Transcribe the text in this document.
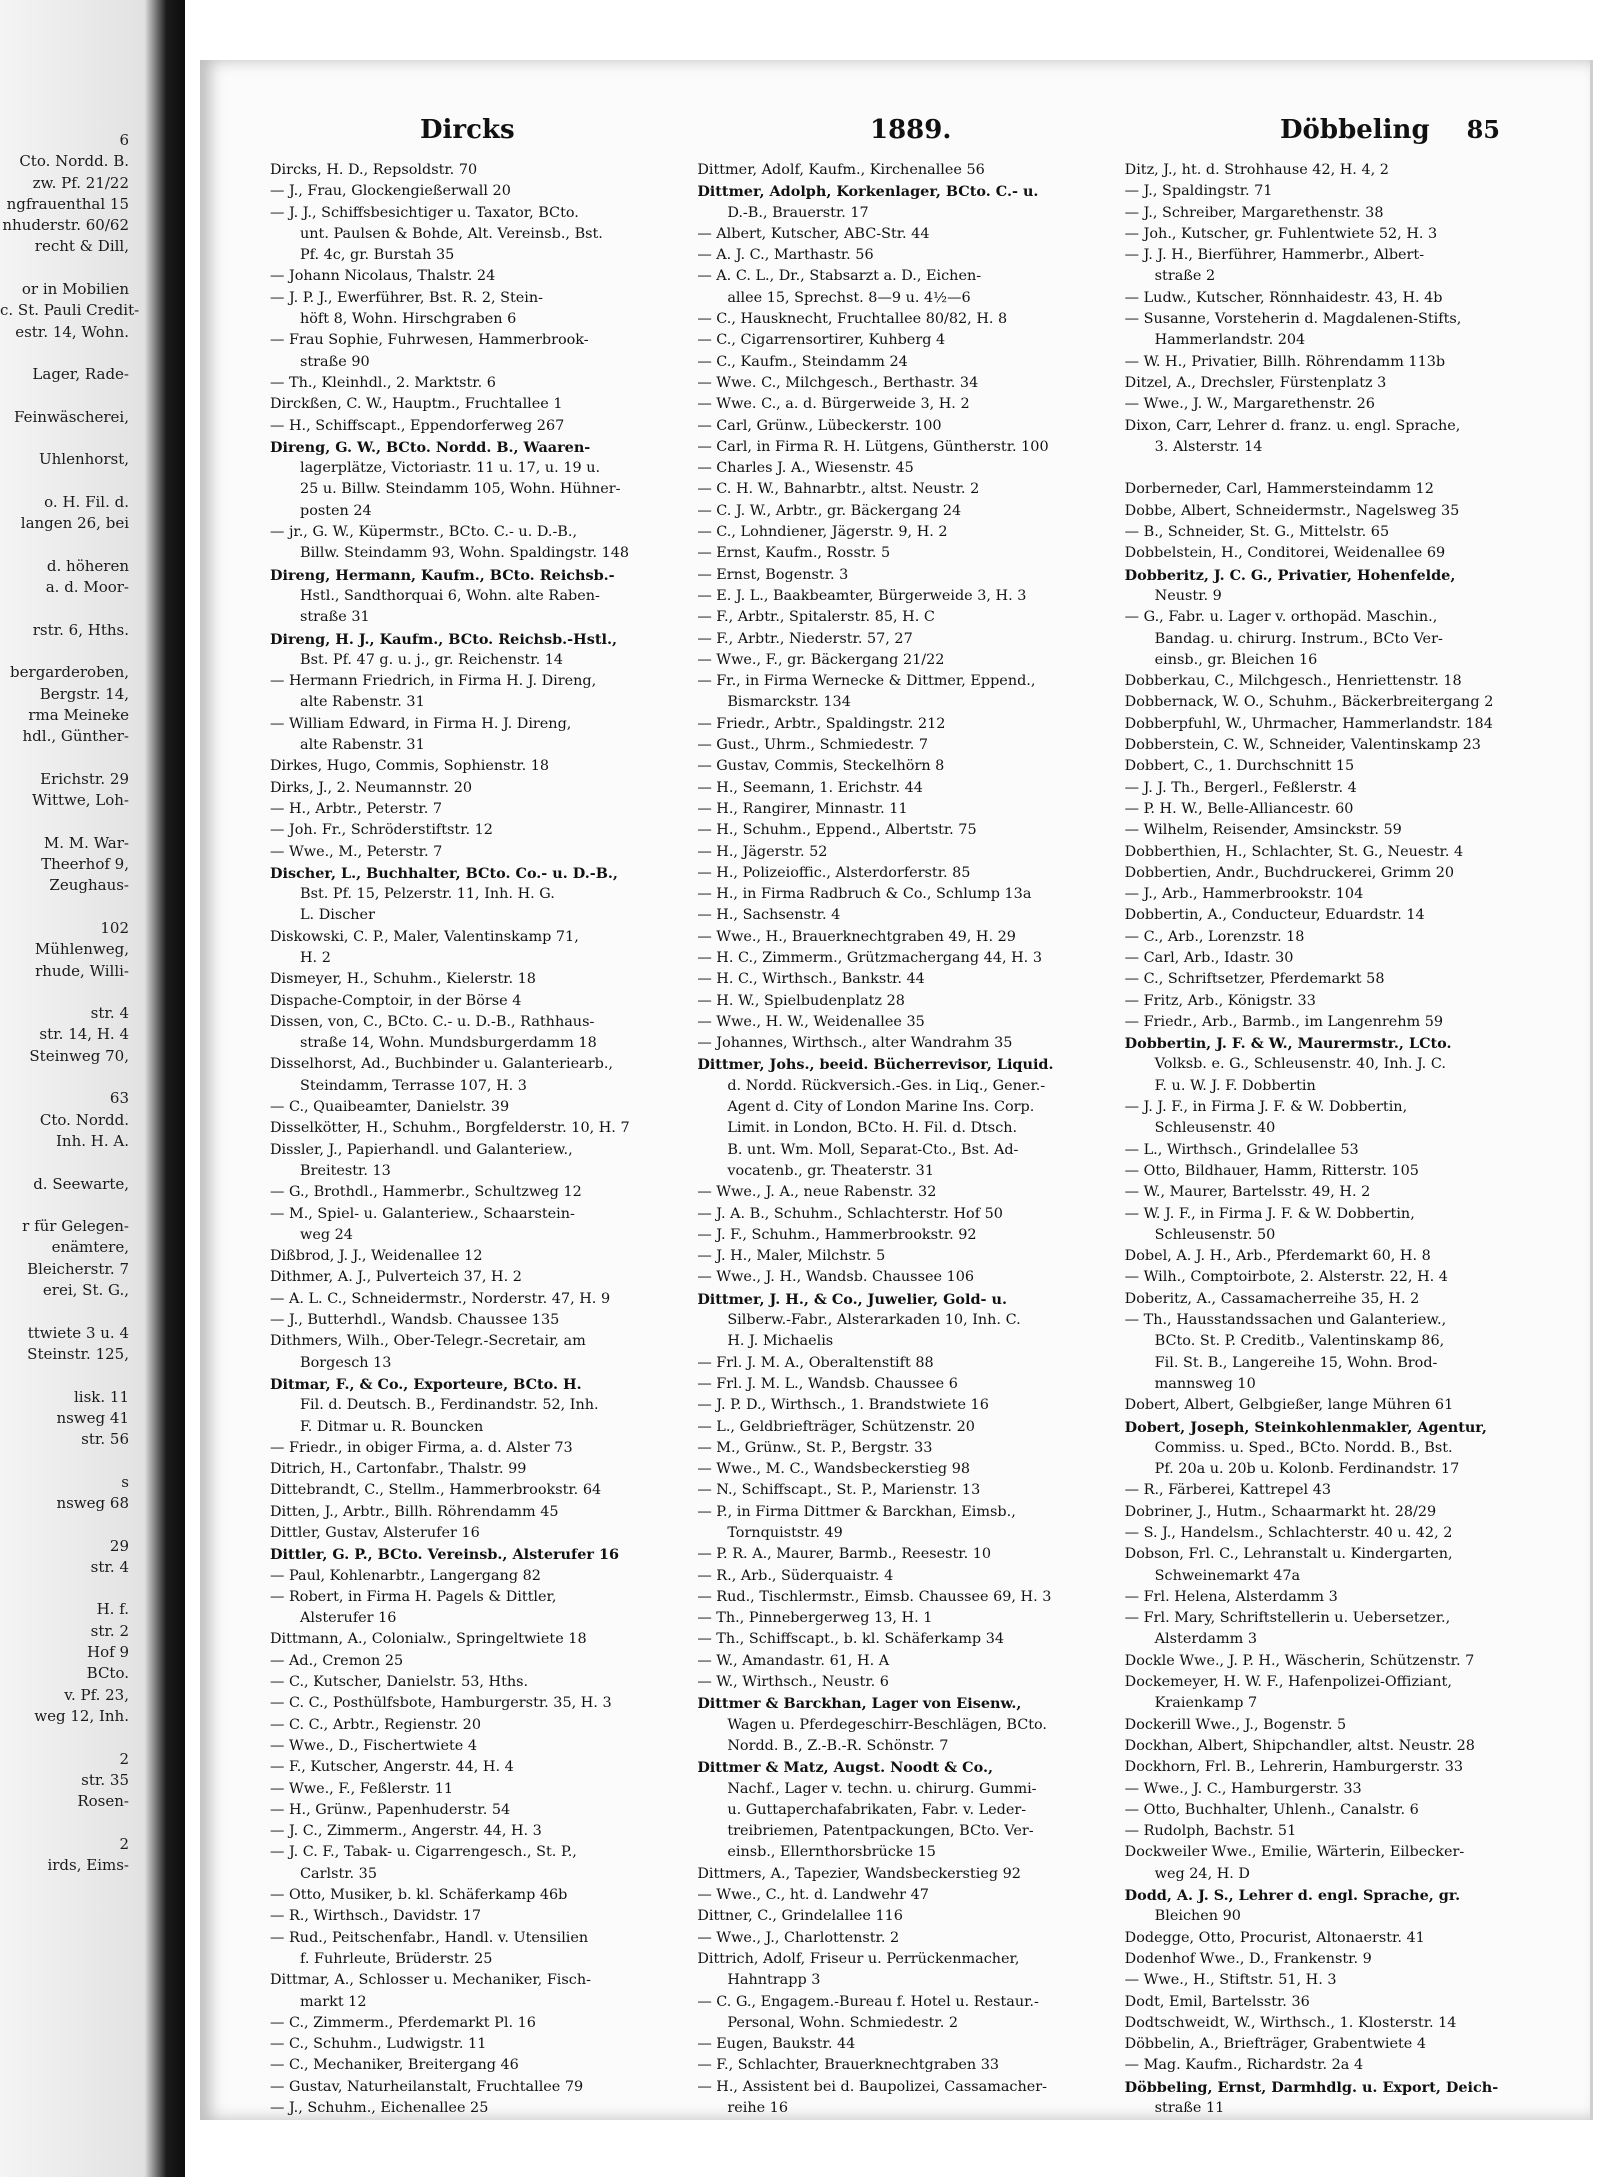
6
Cto. Nordd. B.
zw. Pf. 21/22
ngfrauenthal 15
nhuderstr. 60/62
recht & Dill,

or in Mobilien
c. St. Pauli Credit-
estr. 14, Wohn.

Lager, Rade-

Feinwäscherei,

Uhlenhorst,

o. H. Fil. d.
langen 26, bei

d. höheren
a. d. Moor-

rstr. 6, Hths.

bergarderoben,
Bergstr. 14,
rma Meineke
hdl., Günther-

Erichstr. 29
Wittwe, Loh-

M. M. War-
Theerhof 9,
Zeughaus-

102
Mühlenweg,
rhude, Willi-

str. 4
str. 14, H. 4
Steinweg 70,

63
Cto. Nordd.
Inh. H. A.

d. Seewarte,

r für Gelegen-
enämtere,
Bleicherstr. 7
erei, St. G.,

ttwiete 3 u. 4
Steinstr. 125,

lisk. 11
nsweg 41
str. 56

s
nsweg 68

29
str. 4

H. f.
str. 2
Hof 9
BCto.
v. Pf. 23,
weg 12, Inh.

2
str. 35
Rosen-

2
irds, Eims-
Dircks	1889.	Döbbeling 85
Dircks, H. D., Repsoldstr. 70
— J., Frau, Glockengießerwall 20
— J. J., Schiffsbesichtiger u. Taxator, BCto.
unt. Paulsen & Bohde, Alt. Vereinsb., Bst.
Pf. 4c, gr. Burstah 35
— Johann Nicolaus, Thalstr. 24
— J. P. J., Ewerführer, Bst. R. 2, Stein-
höft 8, Wohn. Hirschgraben 6
— Frau Sophie, Fuhrwesen, Hammerbrook-
straße 90
— Th., Kleinhdl., 2. Marktstr. 6
Dirckßen, C. W., Hauptm., Fruchtallee 1
— H., Schiffscapt., Eppendorferweg 267
Direng, G. W., BCto. Nordd. B., Waaren-
lagerplätze, Victoriastr. 11 u. 17, u. 19 u.
25 u. Billw. Steindamm 105, Wohn. Hühner-
posten 24
— jr., G. W., Küpermstr., BCto. C.- u. D.-B.,
Billw. Steindamm 93, Wohn. Spaldingstr. 148
Direng, Hermann, Kaufm., BCto. Reichsb.-
Hstl., Sandthorquai 6, Wohn. alte Raben-
straße 31
Direng, H. J., Kaufm., BCto. Reichsb.-Hstl.,
Bst. Pf. 47 g. u. j., gr. Reichenstr. 14
— Hermann Friedrich, in Firma H. J. Direng,
alte Rabenstr. 31
— William Edward, in Firma H. J. Direng,
alte Rabenstr. 31
Dirkes, Hugo, Commis, Sophienstr. 18
Dirks, J., 2. Neumannstr. 20
— H., Arbtr., Peterstr. 7
— Joh. Fr., Schröderstiftstr. 12
— Wwe., M., Peterstr. 7
Discher, L., Buchhalter, BCto. Co.- u. D.-B.,
Bst. Pf. 15, Pelzerstr. 11, Inh. H. G.
L. Discher
Diskowski, C. P., Maler, Valentinskamp 71,
H. 2
Dismeyer, H., Schuhm., Kielerstr. 18
Dispache-Comptoir, in der Börse 4
Dissen, von, C., BCto. C.- u. D.-B., Rathhaus-
straße 14, Wohn. Mundsburgerdamm 18
Disselhorst, Ad., Buchbinder u. Galanteriearb.,
Steindamm, Terrasse 107, H. 3
— C., Quaibeamter, Danielstr. 39
Disselkötter, H., Schuhm., Borgfelderstr. 10, H. 7
Dissler, J., Papierhandl. und Galanteriew.,
Breitestr. 13
— G., Brothdl., Hammerbr., Schultzweg 12
— M., Spiel- u. Galanteriew., Schaarstein-
weg 24
Dißbrod, J. J., Weidenallee 12
Dithmer, A. J., Pulverteich 37, H. 2
— A. L. C., Schneidermstr., Norderstr. 47, H. 9
— J., Butterhdl., Wandsb. Chaussee 135
Dithmers, Wilh., Ober-Telegr.-Secretair, am
Borgesch 13
Ditmar, F., & Co., Exporteure, BCto. H.
Fil. d. Deutsch. B., Ferdinandstr. 52, Inh.
F. Ditmar u. R. Bouncken
— Friedr., in obiger Firma, a. d. Alster 73
Ditrich, H., Cartonfabr., Thalstr. 99
Dittebrandt, C., Stellm., Hammerbrookstr. 64
Ditten, J., Arbtr., Billh. Röhrendamm 45
Dittler, Gustav, Alsterufer 16
Dittler, G. P., BCto. Vereinsb., Alsterufer 16
— Paul, Kohlenarbtr., Langergang 82
— Robert, in Firma H. Pagels & Dittler,
Alsterufer 16
Dittmann, A., Colonialw., Springeltwiete 18
— Ad., Cremon 25
— C., Kutscher, Danielstr. 53, Hths.
— C. C., Posthülfsbote, Hamburgerstr. 35, H. 3
— C. C., Arbtr., Regienstr. 20
— Wwe., D., Fischertwiete 4
— F., Kutscher, Angerstr. 44, H. 4
— Wwe., F., Feßlerstr. 11
— H., Grünw., Papenhuderstr. 54
— J. C., Zimmerm., Angerstr. 44, H. 3
— J. C. F., Tabak- u. Cigarrengesch., St. P.,
Carlstr. 35
— Otto, Musiker, b. kl. Schäferkamp 46b
— R., Wirthsch., Davidstr. 17
— Rud., Peitschenfabr., Handl. v. Utensilien
f. Fuhrleute, Brüderstr. 25
Dittmar, A., Schlosser u. Mechaniker, Fisch-
markt 12
— C., Zimmerm., Pferdemarkt Pl. 16
— C., Schuhm., Ludwigstr. 11
— C., Mechaniker, Breitergang 46
— Gustav, Naturheilanstalt, Fruchtallee 79
— J., Schuhm., Eichenallee 25
Dittmer, Adolf, Kaufm., Kirchenallee 56
Dittmer, Adolph, Korkenlager, BCto. C.- u.
D.-B., Brauerstr. 17
— Albert, Kutscher, ABC-Str. 44
— A. J. C., Marthastr. 56
— A. C. L., Dr., Stabsarzt a. D., Eichen-
allee 15, Sprechst. 8—9 u. 4½—6
— C., Hausknecht, Fruchtallee 80/82, H. 8
— C., Cigarrensortirer, Kuhberg 4
— C., Kaufm., Steindamm 24
— Wwe. C., Milchgesch., Berthastr. 34
— Wwe. C., a. d. Bürgerweide 3, H. 2
— Carl, Grünw., Lübeckerstr. 100
— Carl, in Firma R. H. Lütgens, Güntherstr. 100
— Charles J. A., Wiesenstr. 45
— C. H. W., Bahnarbtr., altst. Neustr. 2
— C. J. W., Arbtr., gr. Bäckergang 24
— C., Lohndiener, Jägerstr. 9, H. 2
— Ernst, Kaufm., Rosstr. 5
— Ernst, Bogenstr. 3
— E. J. L., Baakbeamter, Bürgerweide 3, H. 3
— F., Arbtr., Spitalerstr. 85, H. C
— F., Arbtr., Niederstr. 57, 27
— Wwe., F., gr. Bäckergang 21/22
— Fr., in Firma Wernecke & Dittmer, Eppend.,
Bismarckstr. 134
— Friedr., Arbtr., Spaldingstr. 212
— Gust., Uhrm., Schmiedestr. 7
— Gustav, Commis, Steckelhörn 8
— H., Seemann, 1. Erichstr. 44
— H., Rangirer, Minnastr. 11
— H., Schuhm., Eppend., Albertstr. 75
— H., Jägerstr. 52
— H., Polizeioffic., Alsterdorferstr. 85
— H., in Firma Radbruch & Co., Schlump 13a
— H., Sachsenstr. 4
— Wwe., H., Brauerknechtgraben 49, H. 29
— H. C., Zimmerm., Grützmachergang 44, H. 3
— H. C., Wirthsch., Bankstr. 44
— H. W., Spielbudenplatz 28
— Wwe., H. W., Weidenallee 35
— Johannes, Wirthsch., alter Wandrahm 35
Dittmer, Johs., beeid. Bücherrevisor, Liquid.
d. Nordd. Rückversich.-Ges. in Liq., Gener.-
Agent d. City of London Marine Ins. Corp.
Limit. in London, BCto. H. Fil. d. Dtsch.
B. unt. Wm. Moll, Separat-Cto., Bst. Ad-
vocatenb., gr. Theaterstr. 31
— Wwe., J. A., neue Rabenstr. 32
— J. A. B., Schuhm., Schlachterstr. Hof 50
— J. F., Schuhm., Hammerbrookstr. 92
— J. H., Maler, Milchstr. 5
— Wwe., J. H., Wandsb. Chaussee 106
Dittmer, J. H., & Co., Juwelier, Gold- u.
Silberw.-Fabr., Alsterarkaden 10, Inh. C.
H. J. Michaelis
— Frl. J. M. A., Oberaltenstift 88
— Frl. J. M. L., Wandsb. Chaussee 6
— J. P. D., Wirthsch., 1. Brandstwiete 16
— L., Geldbriefträger, Schützenstr. 20
— M., Grünw., St. P., Bergstr. 33
— Wwe., M. C., Wandsbeckerstieg 98
— N., Schiffscapt., St. P., Marienstr. 13
— P., in Firma Dittmer & Barckhan, Eimsb.,
Tornquiststr. 49
— P. R. A., Maurer, Barmb., Reesestr. 10
— R., Arb., Süderquaistr. 4
— Rud., Tischlermstr., Eimsb. Chaussee 69, H. 3
— Th., Pinnebergerweg 13, H. 1
— Th., Schiffscapt., b. kl. Schäferkamp 34
— W., Amandastr. 61, H. A
— W., Wirthsch., Neustr. 6
Dittmer & Barckhan, Lager von Eisenw.,
Wagen u. Pferdegeschirr-Beschlägen, BCto.
Nordd. B., Z.-B.-R. Schönstr. 7
Dittmer & Matz, Augst. Noodt & Co.,
Nachf., Lager v. techn. u. chirurg. Gummi-
u. Guttaperchafabrikaten, Fabr. v. Leder-
treibriemen, Patentpackungen, BCto. Ver-
einsb., Ellernthorsbrücke 15
Dittmers, A., Tapezier, Wandsbeckerstieg 92
— Wwe., C., ht. d. Landwehr 47
Dittner, C., Grindelallee 116
— Wwe., J., Charlottenstr. 2
Dittrich, Adolf, Friseur u. Perrückenmacher,
Hahntrapp 3
— C. G., Engagem.-Bureau f. Hotel u. Restaur.-
Personal, Wohn. Schmiedestr. 2
— Eugen, Baukstr. 44
— F., Schlachter, Brauerknechtgraben 33
— H., Assistent bei d. Baupolizei, Cassamacher-
reihe 16
Ditz, J., ht. d. Strohhause 42, H. 4, 2
— J., Spaldingstr. 71
— J., Schreiber, Margarethenstr. 38
— Joh., Kutscher, gr. Fuhlentwiete 52, H. 3
— J. J. H., Bierführer, Hammerbr., Albert-
straße 2
— Ludw., Kutscher, Rönnhaidestr. 43, H. 4b
— Susanne, Vorsteherin d. Magdalenen-Stifts,
Hammerlandstr. 204
— W. H., Privatier, Billh. Röhrendamm 113b
Ditzel, A., Drechsler, Fürstenplatz 3
— Wwe., J. W., Margarethenstr. 26
Dixon, Carr, Lehrer d. franz. u. engl. Sprache,
3. Alsterstr. 14

Dorberneder, Carl, Hammersteindamm 12
Dobbe, Albert, Schneidermstr., Nagelsweg 35
— B., Schneider, St. G., Mittelstr. 65
Dobbelstein, H., Conditorei, Weidenallee 69
Dobberitz, J. C. G., Privatier, Hohenfelde,
Neustr. 9
— G., Fabr. u. Lager v. orthopäd. Maschin.,
Bandag. u. chirurg. Instrum., BCto Ver-
einsb., gr. Bleichen 16
Dobberkau, C., Milchgesch., Henriettenstr. 18
Dobbernack, W. O., Schuhm., Bäckerbreitergang 2
Dobberpfuhl, W., Uhrmacher, Hammerlandstr. 184
Dobberstein, C. W., Schneider, Valentinskamp 23
Dobbert, C., 1. Durchschnitt 15
— J. J. Th., Bergerl., Feßlerstr. 4
— P. H. W., Belle-Alliancestr. 60
— Wilhelm, Reisender, Amsinckstr. 59
Dobberthien, H., Schlachter, St. G., Neuestr. 4
Dobbertien, Andr., Buchdruckerei, Grimm 20
— J., Arb., Hammerbrookstr. 104
Dobbertin, A., Conducteur, Eduardstr. 14
— C., Arb., Lorenzstr. 18
— Carl, Arb., Idastr. 30
— C., Schriftsetzer, Pferdemarkt 58
— Fritz, Arb., Königstr. 33
— Friedr., Arb., Barmb., im Langenrehm 59
Dobbertin, J. F. & W., Maurermstr., LCto.
Volksb. e. G., Schleusenstr. 40, Inh. J. C.
F. u. W. J. F. Dobbertin
— J. J. F., in Firma J. F. & W. Dobbertin,
Schleusenstr. 40
— L., Wirthsch., Grindelallee 53
— Otto, Bildhauer, Hamm, Ritterstr. 105
— W., Maurer, Bartelsstr. 49, H. 2
— W. J. F., in Firma J. F. & W. Dobbertin,
Schleusenstr. 50
Dobel, A. J. H., Arb., Pferdemarkt 60, H. 8
— Wilh., Comptoirbote, 2. Alsterstr. 22, H. 4
Doberitz, A., Cassamacherreihe 35, H. 2
— Th., Hausstandssachen und Galanteriew.,
BCto. St. P. Creditb., Valentinskamp 86,
Fil. St. B., Langereihe 15, Wohn. Brod-
mannsweg 10
Dobert, Albert, Gelbgießer, lange Mühren 61
Dobert, Joseph, Steinkohlenmakler, Agentur,
Commiss. u. Sped., BCto. Nordd. B., Bst.
Pf. 20a u. 20b u. Kolonb. Ferdinandstr. 17
— R., Färberei, Kattrepel 43
Dobriner, J., Hutm., Schaarmarkt ht. 28/29
— S. J., Handelsm., Schlachterstr. 40 u. 42, 2
Dobson, Frl. C., Lehranstalt u. Kindergarten,
Schweinemarkt 47a
— Frl. Helena, Alsterdamm 3
— Frl. Mary, Schriftstellerin u. Uebersetzer.,
Alsterdamm 3
Dockle Wwe., J. P. H., Wäscherin, Schützenstr. 7
Dockemeyer, H. W. F., Hafenpolizei-Offiziant,
Kraienkamp 7
Dockerill Wwe., J., Bogenstr. 5
Dockhan, Albert, Shipchandler, altst. Neustr. 28
Dockhorn, Frl. B., Lehrerin, Hamburgerstr. 33
— Wwe., J. C., Hamburgerstr. 33
— Otto, Buchhalter, Uhlenh., Canalstr. 6
— Rudolph, Bachstr. 51
Dockweiler Wwe., Emilie, Wärterin, Eilbecker-
weg 24, H. D
Dodd, A. J. S., Lehrer d. engl. Sprache, gr.
Bleichen 90
Dodegge, Otto, Procurist, Altonaerstr. 41
Dodenhof Wwe., D., Frankenstr. 9
— Wwe., H., Stiftstr. 51, H. 3
Dodt, Emil, Bartelsstr. 36
Dodtschweidt, W., Wirthsch., 1. Klosterstr. 14
Döbbelin, A., Briefträger, Grabentwiete 4
— Mag. Kaufm., Richardstr. 2a 4
Döbbeling, Ernst, Darmhdlg. u. Export, Deich-
straße 11
